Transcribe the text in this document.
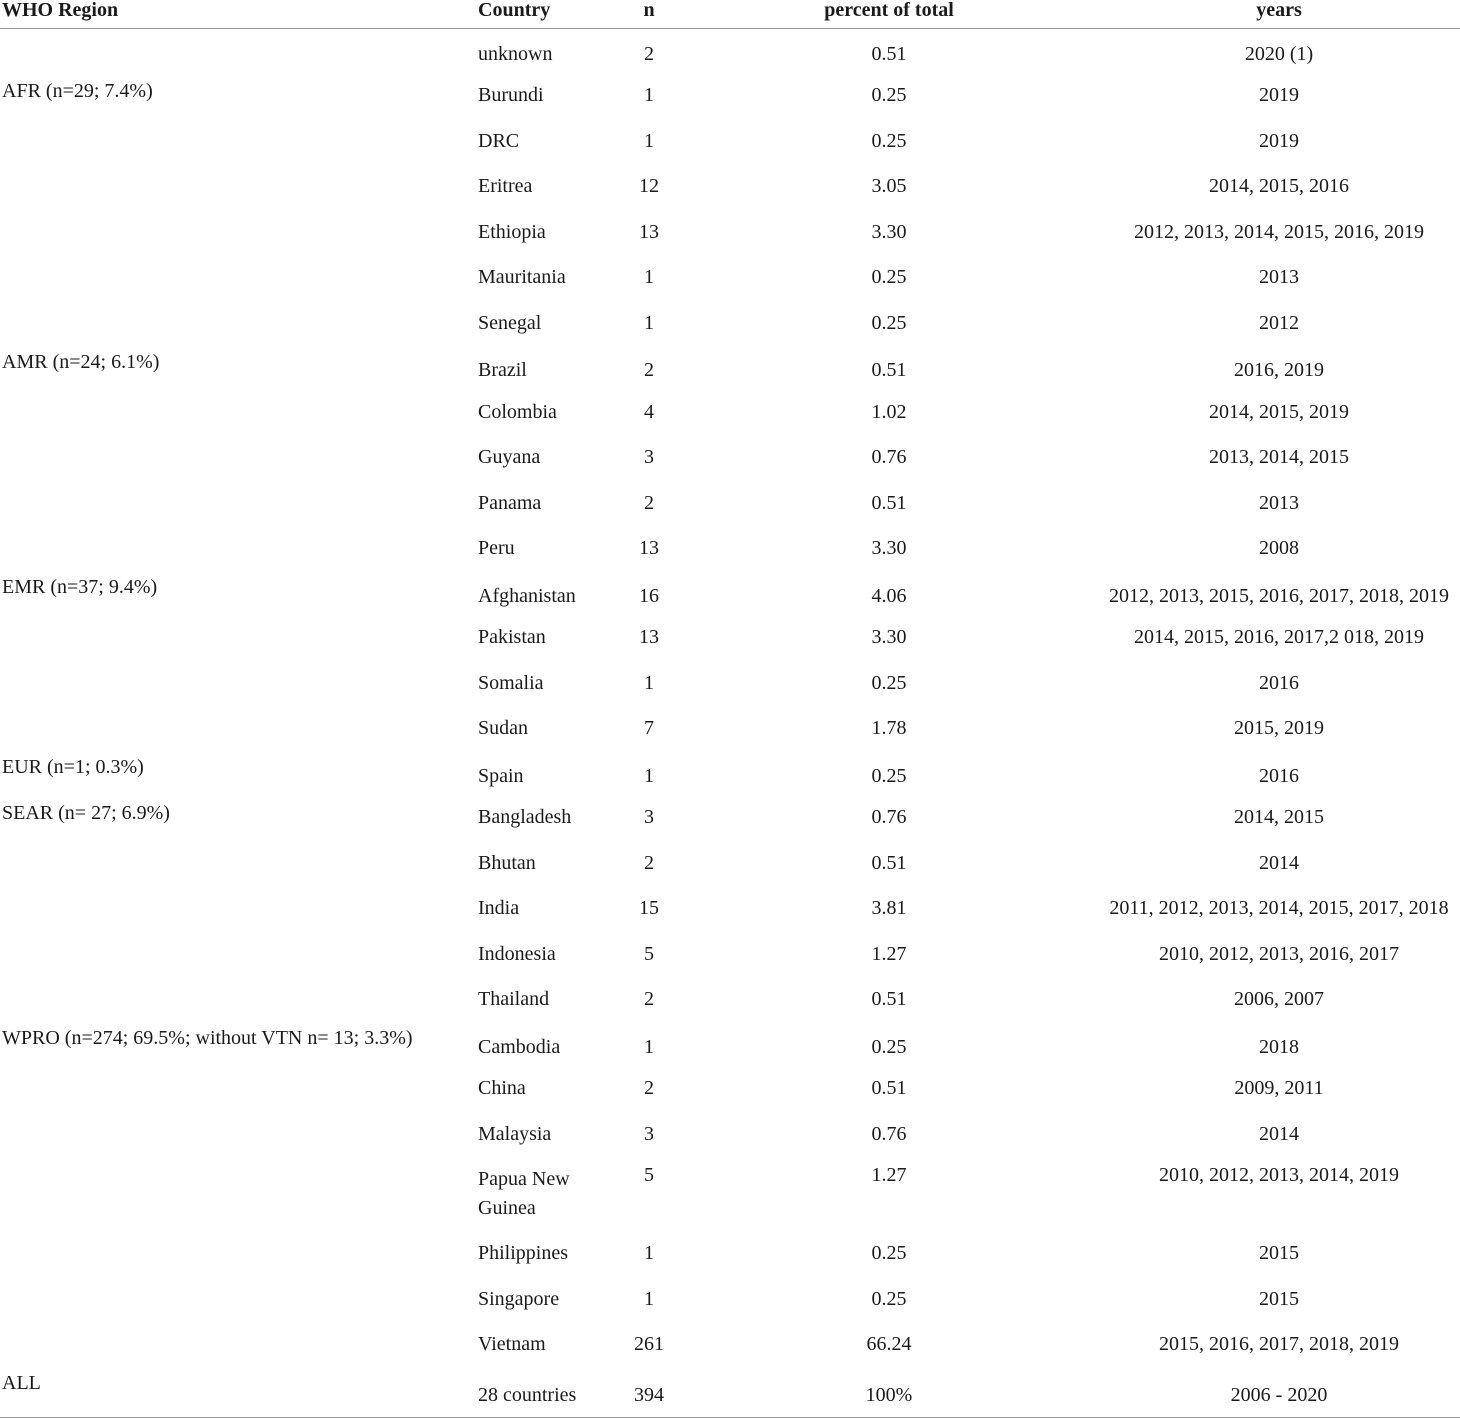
WHO Region	Country	n	percent of total	years
	unknown	2	0.51	2020 (1)
AFR (n=29; 7.4%)	Burundi	1	0.25	2019
	DRC	1	0.25	2019
	Eritrea	12	3.05	2014, 2015, 2016
	Ethiopia	13	3.30	2012, 2013, 2014, 2015, 2016, 2019
	Mauritania	1	0.25	2013
	Senegal	1	0.25	2012
AMR (n=24; 6.1%)	Brazil	2	0.51	2016, 2019
	Colombia	4	1.02	2014, 2015, 2019
	Guyana	3	0.76	2013, 2014, 2015
	Panama	2	0.51	2013
	Peru	13	3.30	2008
EMR (n=37; 9.4%)	Afghanistan	16	4.06	2012, 2013, 2015, 2016, 2017, 2018, 2019
	Pakistan	13	3.30	2014, 2015, 2016, 2017,2 018, 2019
	Somalia	1	0.25	2016
	Sudan	7	1.78	2015, 2019
EUR (n=1; 0.3%)	Spain	1	0.25	2016
SEAR (n= 27; 6.9%)	Bangladesh	3	0.76	2014, 2015
	Bhutan	2	0.51	2014
	India	15	3.81	2011, 2012, 2013, 2014, 2015, 2017, 2018
	Indonesia	5	1.27	2010, 2012, 2013, 2016, 2017
	Thailand	2	0.51	2006, 2007
WPRO (n=274; 69.5%; without VTN n= 13; 3.3%)	Cambodia	1	0.25	2018
	China	2	0.51	2009, 2011
	Malaysia	3	0.76	2014
	Papua New Guinea	5	1.27	2010, 2012, 2013, 2014, 2019
	Philippines	1	0.25	2015
	Singapore	1	0.25	2015
	Vietnam	261	66.24	2015, 2016, 2017, 2018, 2019
ALL	28 countries	394	100%	2006 - 2020
